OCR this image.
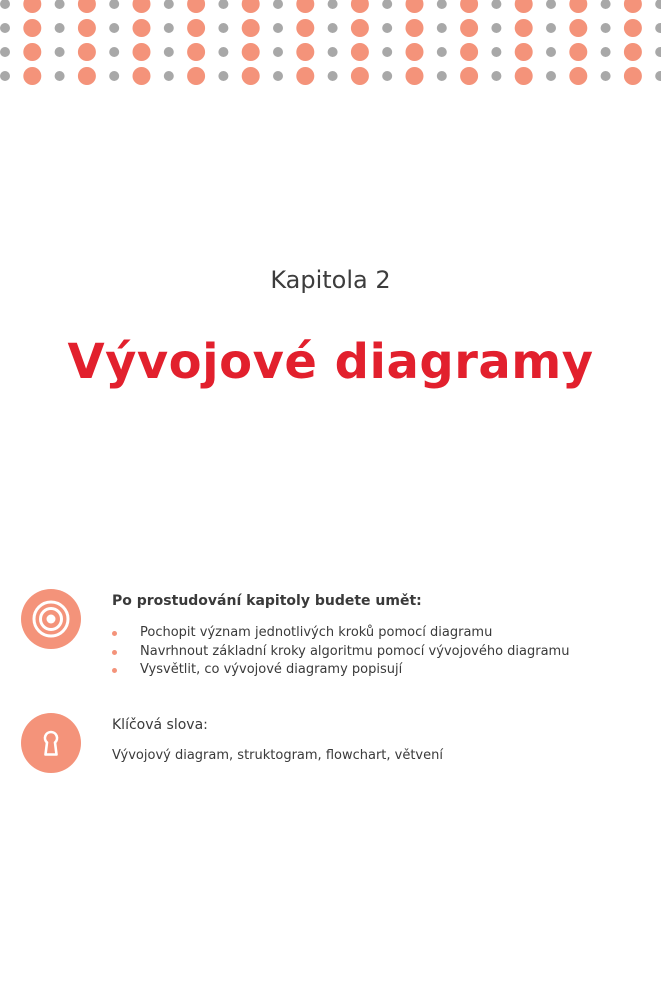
Kapitola 2
Vývojové diagramy
Po prostudování kapitoly budete umět:
Pochopit význam jednotlivých kroků pomocí diagramu
Navrhnout základní kroky algoritmu pomocí vývojového diagramu
Vysvětlit, co vývojové diagramy popisují
Klíčová slova:
Vývojový diagram, struktogram, flowchart, větvení
